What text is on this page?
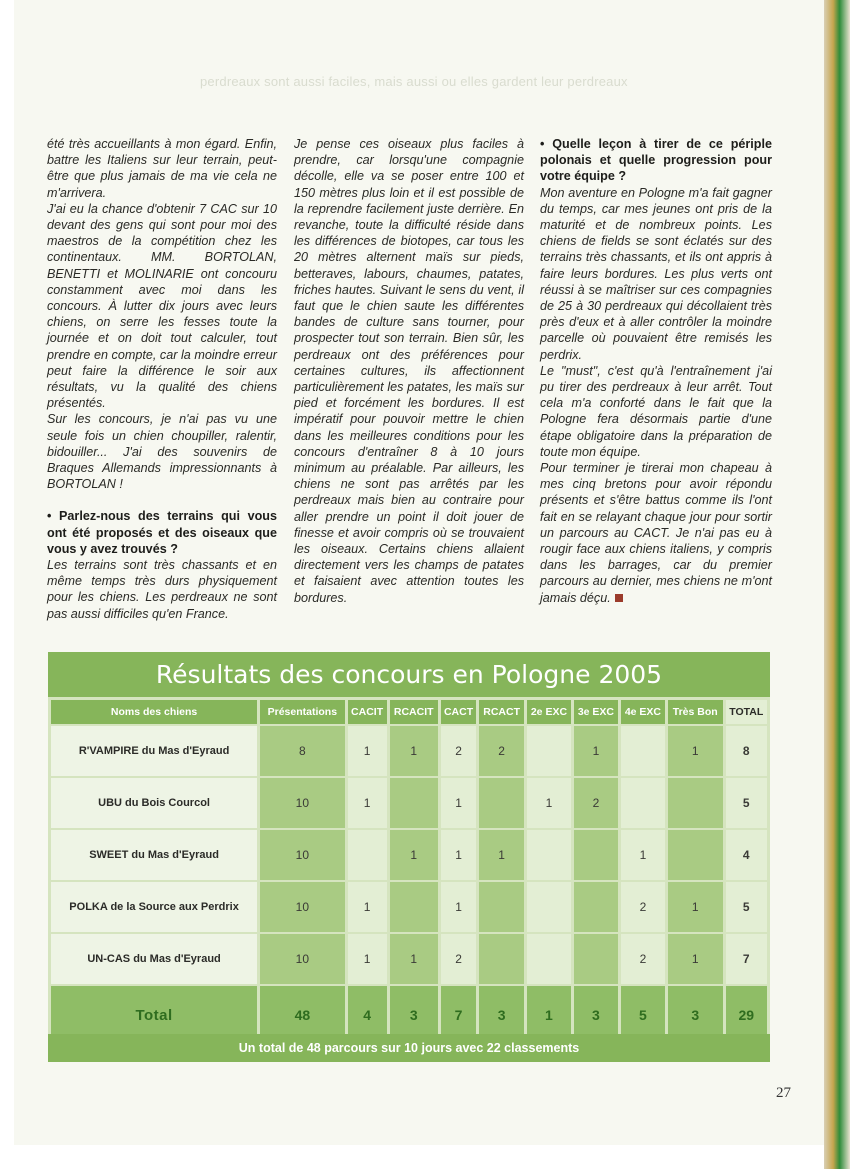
perdreaux sont aussi faciles, mais aussi ou elles gardent leur perdreaux

été très accueillants à mon égard. Enfin, battre les Italiens sur leur terrain, peut-être que plus jamais de ma vie cela ne m'arrivera.

J'ai eu la chance d'obtenir 7 CAC sur 10 devant des gens qui sont pour moi des maestros de la compétition chez les continentaux. MM. BORTOLAN, BENETTI et MOLINARIE ont concouru constamment avec moi dans les concours. À lutter dix jours avec leurs chiens, on serre les fesses toute la journée et on doit tout calculer, tout prendre en compte, car la moindre erreur peut faire la différence le soir aux résultats, vu la qualité des chiens présentés.

Sur les concours, je n'ai pas vu une seule fois un chien choupiller, ralentir, bidouiller... J'ai des souvenirs de Braques Allemands impressionnants à BORTOLAN !

• Parlez-nous des terrains qui vous ont été proposés et des oiseaux que vous y avez trouvés ?

Les terrains sont très chassants et en même temps très durs physiquement pour les chiens. Les perdreaux ne sont pas aussi difficiles qu'en France.

Je pense ces oiseaux plus faciles à prendre, car lorsqu'une compagnie décolle, elle va se poser entre 100 et 150 mètres plus loin et il est possible de la reprendre facilement juste derrière. En revanche, toute la difficulté réside dans les différences de biotopes, car tous les 20 mètres alternent maïs sur pieds, betteraves, labours, chaumes, patates, friches hautes. Suivant le sens du vent, il faut que le chien saute les différentes bandes de culture sans tourner, pour prospecter tout son terrain. Bien sûr, les perdreaux ont des préférences pour certaines cultures, ils affectionnent particulièrement les patates, les maïs sur pied et forcément les bordures. Il est impératif pour pouvoir mettre le chien dans les meilleures conditions pour les concours d'entraîner 8 à 10 jours minimum au préalable. Par ailleurs, les chiens ne sont pas arrêtés par les perdreaux mais bien au contraire pour aller prendre un point il doit jouer de finesse et avoir compris où se trouvaient les oiseaux. Certains chiens allaient directement vers les champs de patates et faisaient avec attention toutes les bordures.

• Quelle leçon à tirer de ce périple polonais et quelle progression pour votre équipe ?

Mon aventure en Pologne m'a fait gagner du temps, car mes jeunes ont pris de la maturité et de nombreux points. Les chiens de fields se sont éclatés sur des terrains très chassants, et ils ont appris à faire leurs bordures. Les plus verts ont réussi à se maîtriser sur ces compagnies de 25 à 30 perdreaux qui décollaient très près d'eux et à aller contrôler la moindre parcelle où pouvaient être remisés les perdrix.

Le "must", c'est qu'à l'entraînement j'ai pu tirer des perdreaux à leur arrêt. Tout cela m'a conforté dans le fait que la Pologne fera désormais partie d'une étape obligatoire dans la préparation de toute mon équipe.

Pour terminer je tirerai mon chapeau à mes cinq bretons pour avoir répondu présents et s'être battus comme ils l'ont fait en se relayant chaque jour pour sortir un parcours au CACT. Je n'ai pas eu à rougir face aux chiens italiens, y compris dans les barrages, car du premier parcours au dernier, mes chiens ne m'ont jamais déçu.

Résultats des concours en Pologne 2005
Noms des chiens	Présentations	CACIT	RCACIT	CACT	RCACT	2e EXC	3e EXC	4e EXC	Très Bon	TOTAL

R'VAMPIRE du Mas d'Eyraud	8	1	1	2	2		1		1	8

UBU du Bois Courcol	10	1		1		1	2			5

SWEET du Mas d'Eyraud	10		1	1	1			1		4

POLKA de la Source aux Perdrix	10	1		1				2	1	5

UN-CAS du Mas d'Eyraud	10	1	1	2				2	1	7

Total	48	4	3	7	3	1	3	5	3	29
Un total de 48 parcours sur 10 jours avec 22 classements
27
